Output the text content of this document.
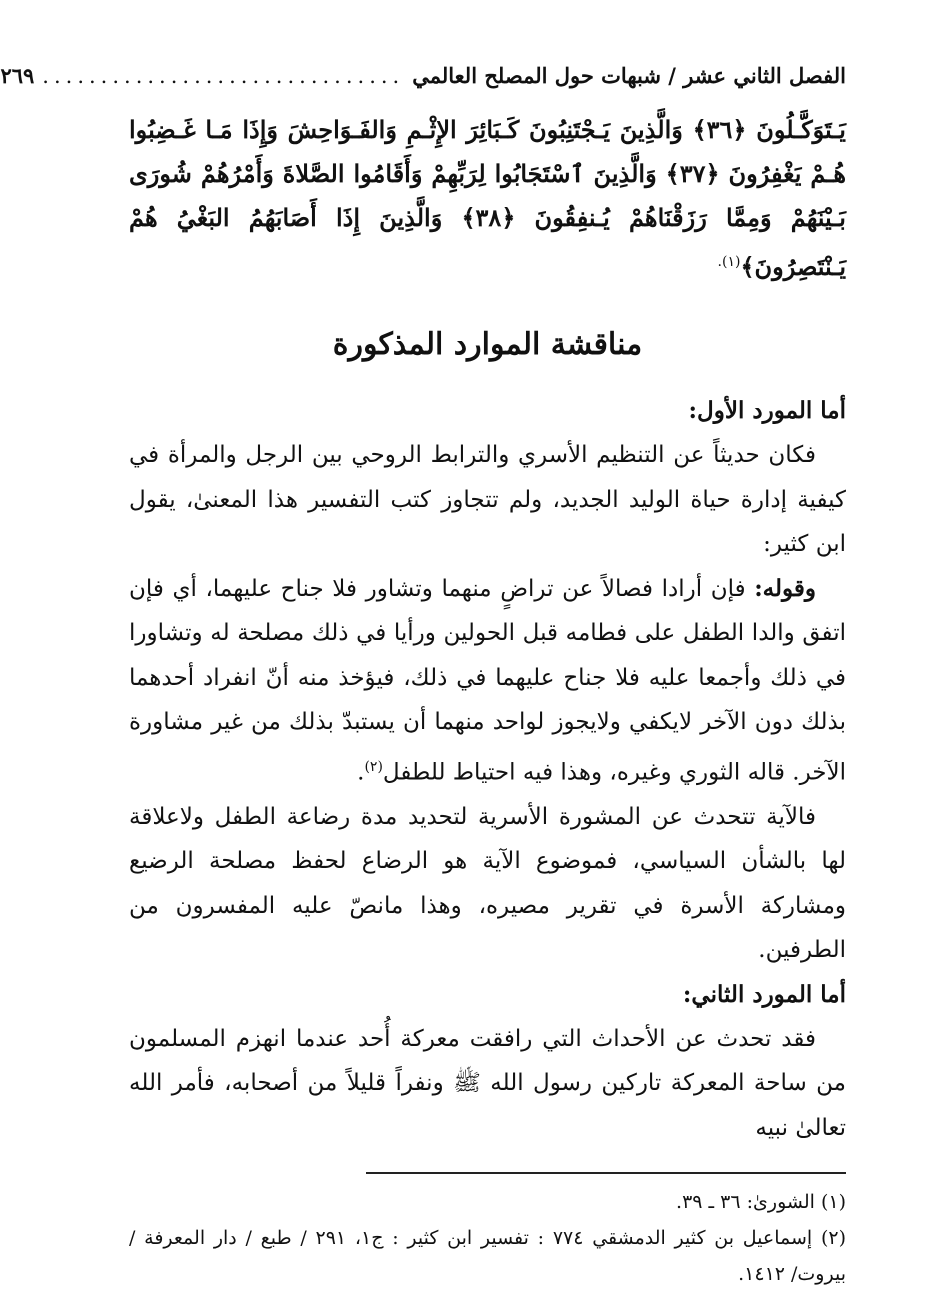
الفصل الثاني عشر / شبهات حول المصلح العالمي
...............................
٢٦٩
يَـتَوَكَّـلُونَ ﴿٣٦﴾ وَالَّذِينَ يَـجْتَنِبُونَ كَـبَائِرَ الإِثْـمِ وَالفَـوَاحِشَ وَإِذَا مَـا غَـضِبُوا هُـمْ يَغْفِرُونَ ﴿٣٧﴾ وَالَّذِينَ ٱسْتَجَابُوا لِرَبِّهِمْ وَأَقَامُوا الصَّلاةَ وَأَمْرُهُمْ شُورَى بَـيْنَهُمْ وَمِمَّا رَزَقْنَاهُمْ يُـنفِقُونَ ﴿٣٨﴾ وَالَّذِينَ إِذَا أَصَابَهُمُ البَغْيُ هُمْ يَـنْتَصِرُونَ﴾$^{(١).}$
مناقشة الموارد المذكورة
أما المورد الأول:

فكان حديثاً عن التنظيم الأسري والترابط الروحي بين الرجل والمرأة في كيفية إدارة حياة الوليد الجديد، ولم تتجاوز كتب التفسير هذا المعنىٰ، يقول ابن كثير:

وقوله: فإن أرادا فصالاً عن تراضٍ منهما وتشاور فلا جناح عليهما، أي فإن اتفق والدا الطفل على فطامه قبل الحولين ورأيا في ذلك مصلحة له وتشاورا في ذلك وأجمعا عليه فلا جناح عليهما في ذلك، فيؤخذ منه أنّ انفراد أحدهما بذلك دون الآخر لايكفي ولايجوز لواحد منهما أن يستبدّ بذلك من غير مشاورة الآخر. قاله الثوري وغيره، وهذا فيه احتياط للطفل$^{(٢)}$.

فالآية تتحدث عن المشورة الأسرية لتحديد مدة رضاعة الطفل ولاعلاقة لها بالشأن السياسي، فموضوع الآية هو الرضاع لحفظ مصلحة الرضيع ومشاركة الأسرة في تقرير مصيره، وهذا مانصّ عليه المفسرون من الطرفين.

أما المورد الثاني:

فقد تحدث عن الأحداث التي رافقت معركة أُحد عندما انهزم المسلمون من ساحة المعركة تاركين رسول الله ﷺ ونفراً قليلاً من أصحابه، فأمر الله تعالىٰ نبيه

(١) الشورىٰ: ٣٦ ـ ٣٩.
(٢) إسماعيل بن كثير الدمشقي ٧٧٤ : تفسير ابن كثير : ج١، ٢٩١ / طبع / دار المعرفة / بيروت/ ١٤١٢.
